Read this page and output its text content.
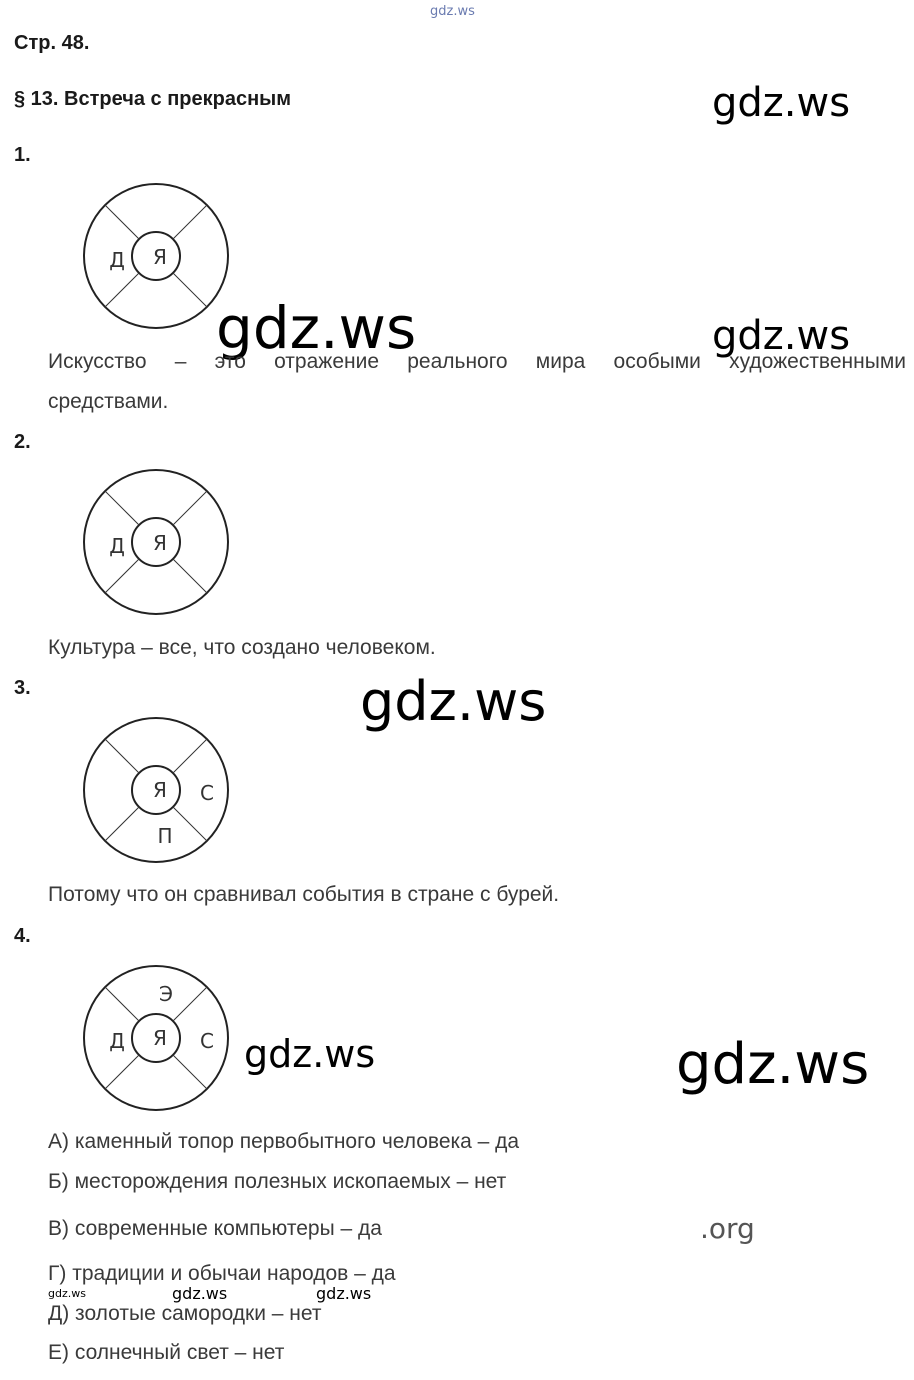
gdz.ws
Стр. 48.
§ 13. Встреча с прекрасным	gdz.ws
1.
Я
Д
gdz.ws	gdz.ws
Искусство – это отражение реального мира особыми художественными
средствами.
2.
Я
Д
Культура – все, что создано человеком.
3.	gdz.ws
Я С
П
Потому что он сравнивал события в стране с бурей.
4.
Я
Э
Д	С gdz.ws	gdz.ws
А) каменный топор первобытного человека – да
Б) месторождения полезных ископаемых – нет
В) современные компьютеры – да	.org
Г) традиции и обычаи народов – да
gdz.ws	gdz.ws	gdz.ws
Д) золотые самородки – нет
Е) солнечный свет – нет
